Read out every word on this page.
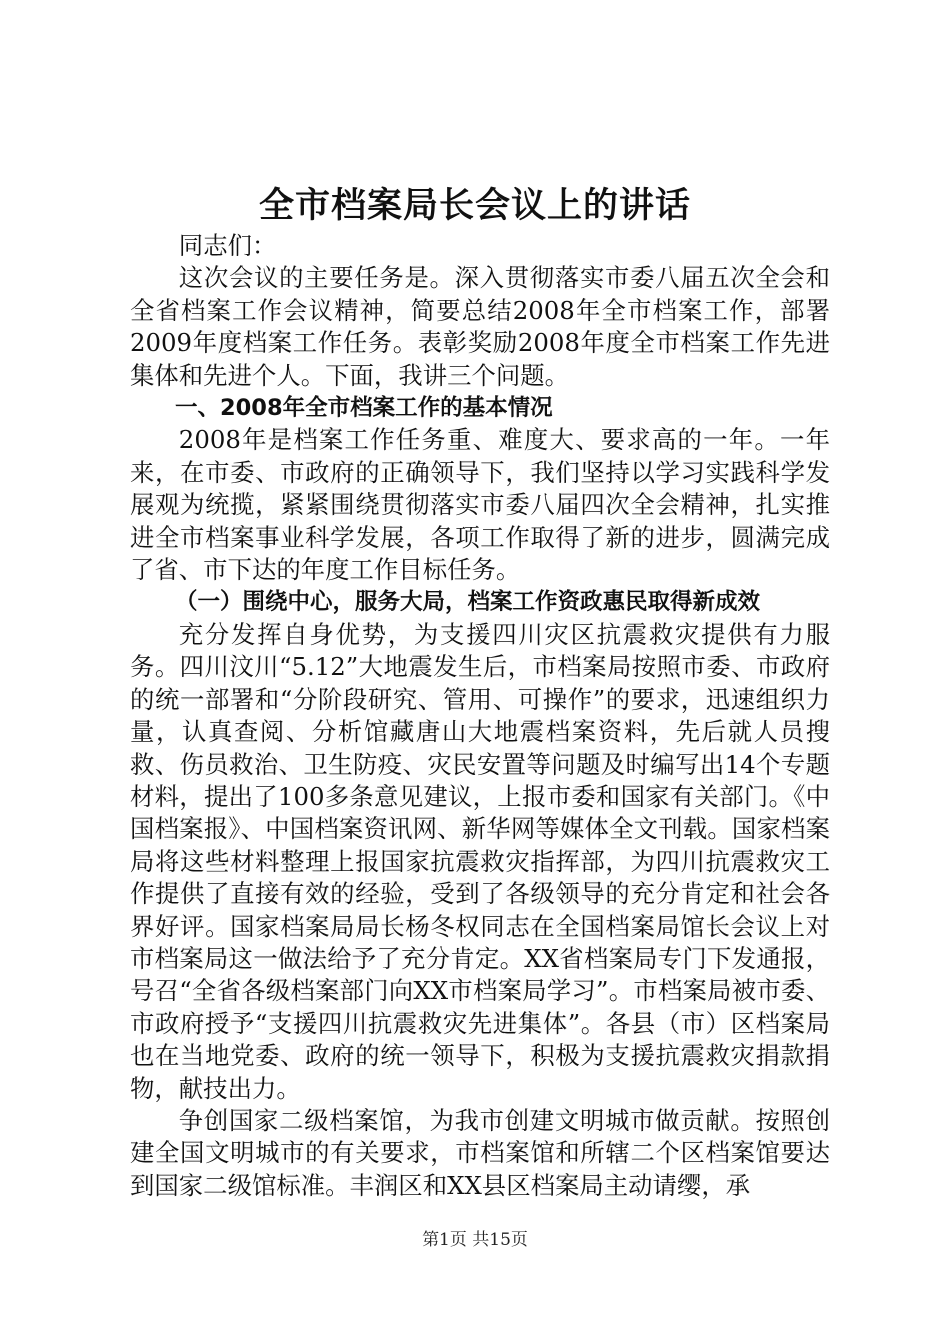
全市档案局长会议上的讲话

同志们：

这次会议的主要任务是。深入贯彻落实市委八届五次全会和全省档案工作会议精神，简要总结2008年全市档案工作，部署2009年度档案工作任务。表彰奖励2008年度全市档案工作先进集体和先进个人。下面，我讲三个问题。

一、2008年全市档案工作的基本情况

2008年是档案工作任务重、难度大、要求高的一年。一年来，在市委、市政府的正确领导下，我们坚持以学习实践科学发展观为统揽，紧紧围绕贯彻落实市委八届四次全会精神，扎实推进全市档案事业科学发展，各项工作取得了新的进步，圆满完成了省、市下达的年度工作目标任务。

（一）围绕中心，服务大局，档案工作资政惠民取得新成效

充分发挥自身优势，为支援四川灾区抗震救灾提供有力服务。四川汶川“5.12”大地震发生后，市档案局按照市委、市政府的统一部署和“分阶段研究、管用、可操作”的要求，迅速组织力量，认真查阅、分析馆藏唐山大地震档案资料，先后就人员搜救、伤员救治、卫生防疫、灾民安置等问题及时编写出14个专题材料，提出了100多条意见建议，上报市委和国家有关部门。《中国档案报》、中国档案资讯网、新华网等媒体全文刊载。国家档案局将这些材料整理上报国家抗震救灾指挥部，为四川抗震救灾工作提供了直接有效的经验，受到了各级领导的充分肯定和社会各界好评。国家档案局局长杨冬权同志在全国档案局馆长会议上对市档案局这一做法给予了充分肯定。XX省档案局专门下发通报，号召“全省各级档案部门向XX市档案局学习”。市档案局被市委、市政府授予“支援四川抗震救灾先进集体”。各县（市）区档案局也在当地党委、政府的统一领导下，积极为支援抗震救灾捐款捐物，献技出力。

争创国家二级档案馆，为我市创建文明城市做贡献。按照创建全国文明城市的有关要求，市档案馆和所辖二个区档案馆要达到国家二级馆标准。丰润区和XX县区档案局主动请缨，承

第1页 共15页
